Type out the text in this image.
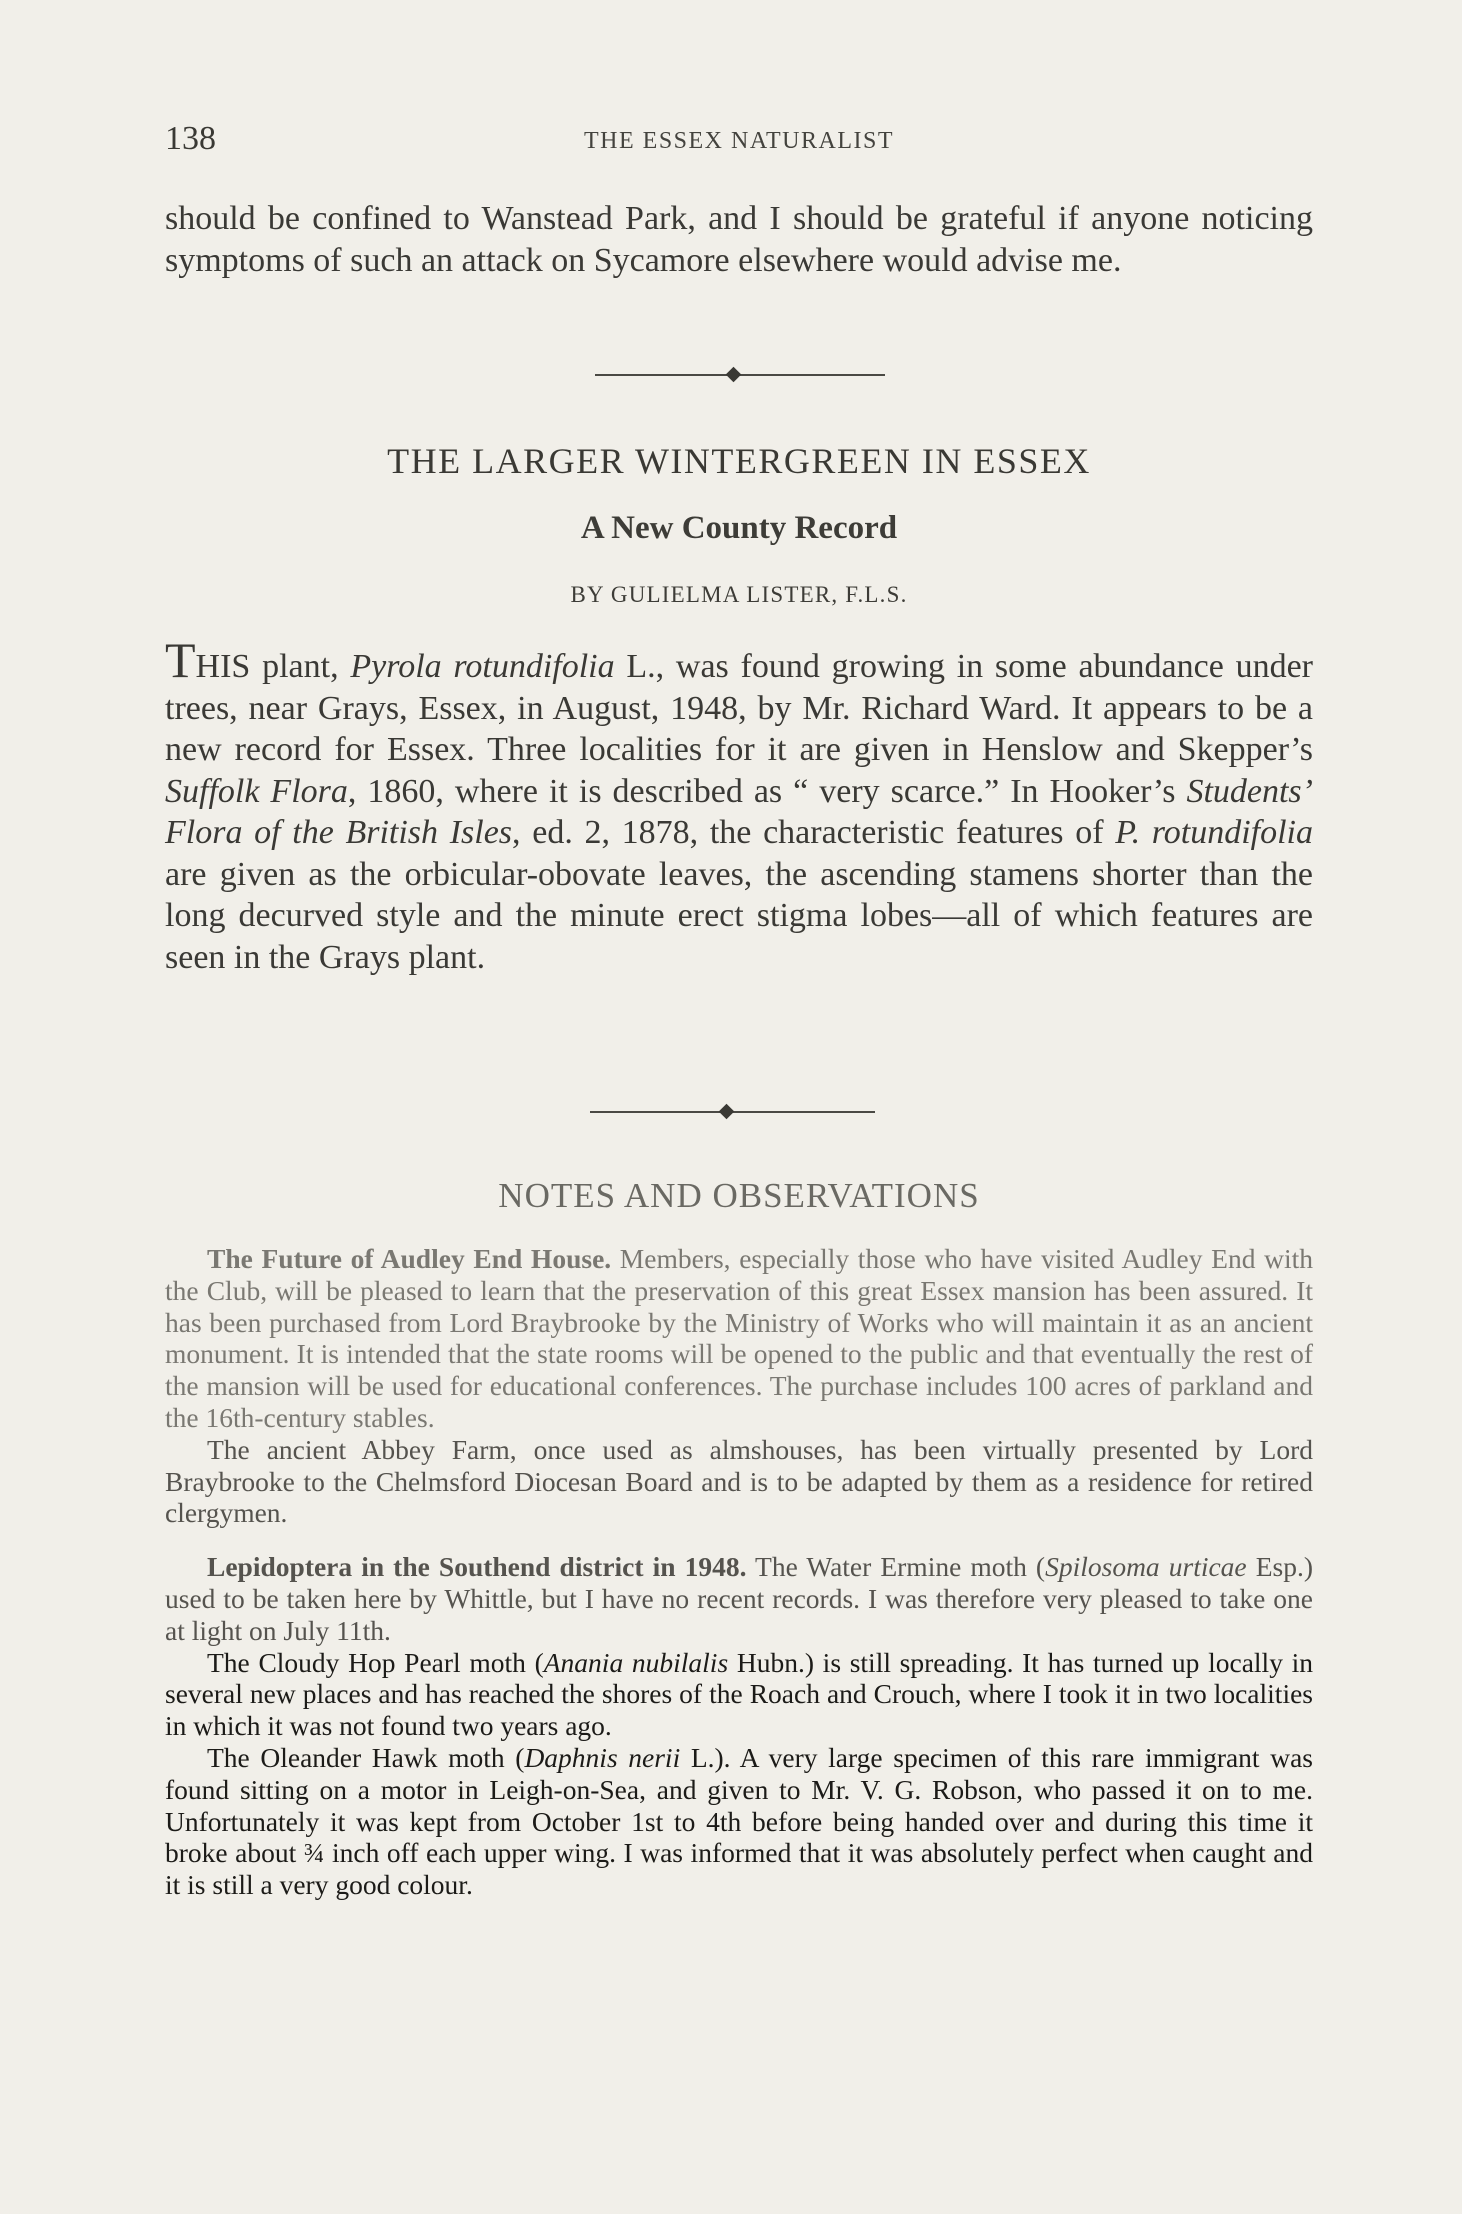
138	THE ESSEX NATURALIST

should be confined to Wanstead Park, and I should be grateful if anyone noticing symptoms of such an attack on Sycamore elsewhere would advise me.

THE LARGER WINTERGREEN IN ESSEX
A New County Record
BY GULIELMA LISTER, F.L.S.

THIS plant, Pyrola rotundifolia L., was found growing in some abundance under trees, near Grays, Essex, in August, 1948, by Mr. Richard Ward. It appears to be a new record for Essex. Three localities for it are given in Henslow and Skepper’s Suffolk Flora, 1860, where it is described as “ very scarce.” In Hooker’s Students’ Flora of the British Isles, ed. 2, 1878, the characteristic features of P. rotundifolia are given as the orbicular-obovate leaves, the ascending stamens shorter than the long decurved style and the minute erect stigma lobes—all of which features are seen in the Grays plant.

NOTES AND OBSERVATIONS

The Future of Audley End House. Members, especially those who have visited Audley End with the Club, will be pleased to learn that the preservation of this great Essex mansion has been assured. It has been purchased from Lord Braybrooke by the Ministry of Works who will maintain it as an ancient monument. It is intended that the state rooms will be opened to the public and that eventually the rest of the mansion will be used for educational conferences. The purchase includes 100 acres of parkland and the 16th-century stables.

The ancient Abbey Farm, once used as almshouses, has been virtually presented by Lord Braybrooke to the Chelmsford Diocesan Board and is to be adapted by them as a residence for retired clergymen.

Lepidoptera in the Southend district in 1948. The Water Ermine moth (Spilosoma urticae Esp.) used to be taken here by Whittle, but I have no recent records. I was therefore very pleased to take one at light on July 11th.

The Cloudy Hop Pearl moth (Anania nubilalis Hubn.) is still spreading. It has turned up locally in several new places and has reached the shores of the Roach and Crouch, where I took it in two localities in which it was not found two years ago.

The Oleander Hawk moth (Daphnis nerii L.). A very large specimen of this rare immigrant was found sitting on a motor in Leigh-on-Sea, and given to Mr. V. G. Robson, who passed it on to me. Unfortunately it was kept from October 1st to 4th before being handed over and during this time it broke about ¾ inch off each upper wing. I was informed that it was absolutely perfect when caught and it is still a very good colour.
